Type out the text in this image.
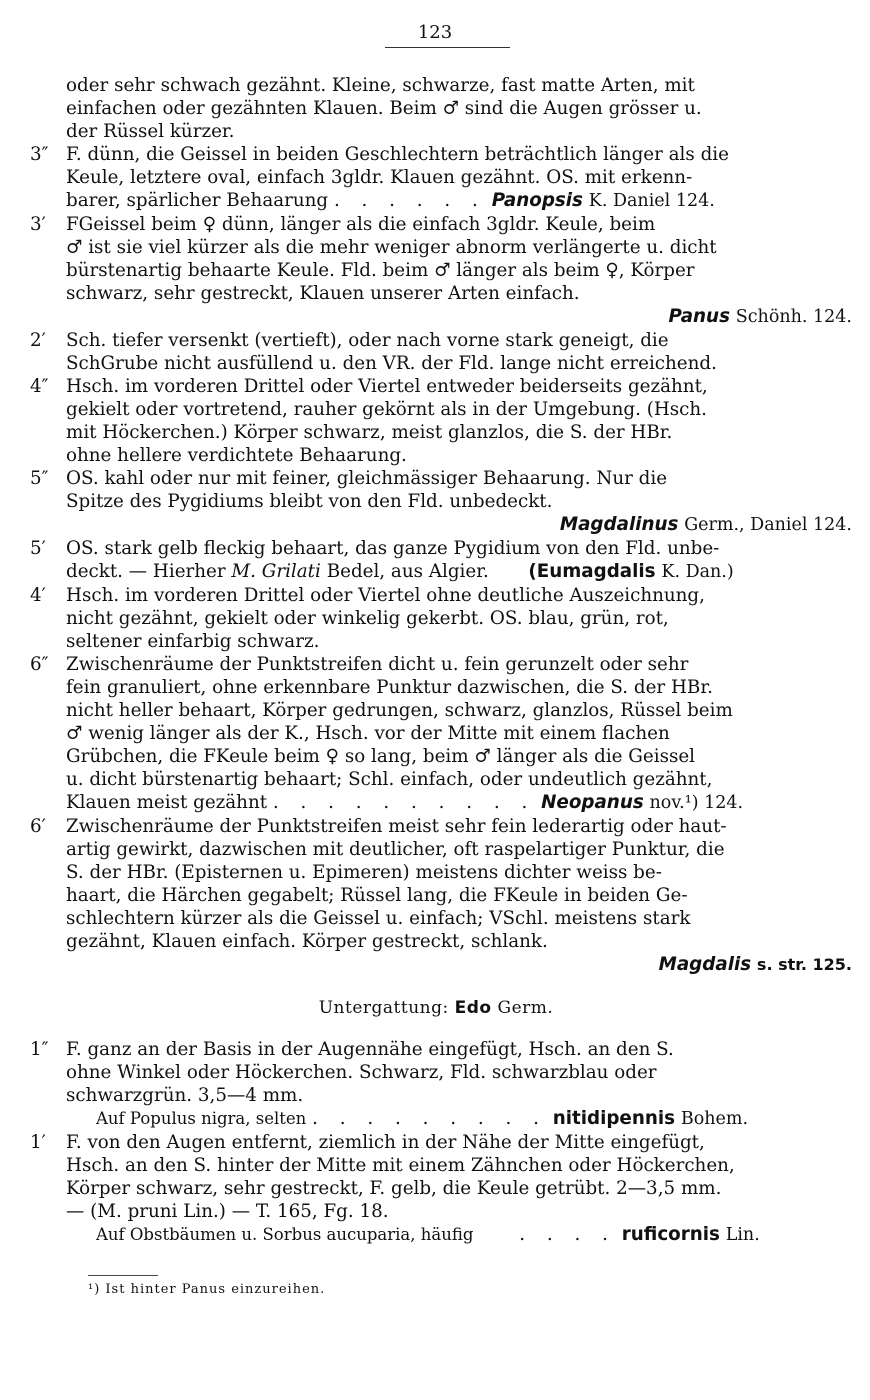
123
oder sehr schwach gezähnt. Kleine, schwarze, fast matte Arten, mit
einfachen oder gezähnten Klauen. Beim ♂ sind die Augen grösser u.
der Rüssel kürzer.
3″ F. dünn, die Geissel in beiden Geschlechtern beträchtlich länger als die
Keule, letztere oval, einfach 3gldr. Klauen gezähnt. OS. mit erkenn-
barer, spärlicher Behaarung . . . . . . Panopsis K. Daniel 124.
3′	FGeissel beim ♀ dünn, länger als die einfach 3gldr. Keule, beim
♂ ist sie viel kürzer als die mehr weniger abnorm verlängerte u. dicht
bürstenartig behaarte Keule. Fld. beim ♂ länger als beim ♀, Körper
schwarz, sehr gestreckt, Klauen unserer Arten einfach.
Panus Schönh. 124.
2′	Sch. tiefer versenkt (vertieft), oder nach vorne stark geneigt, die
SchGrube nicht ausfüllend u. den VR. der Fld. lange nicht erreichend.
4″ Hsch. im vorderen Drittel oder Viertel entweder beiderseits gezähnt,
gekielt oder vortretend, rauher gekörnt als in der Umgebung. (Hsch.
mit Höckerchen.) Körper schwarz, meist glanzlos, die S. der HBr.
ohne hellere verdichtete Behaarung.
5″ OS. kahl oder nur mit feiner, gleichmässiger Behaarung. Nur die
Spitze des Pygidiums bleibt von den Fld. unbedeckt.
Magdalinus Germ., Daniel 124.
5′	OS. stark gelb fleckig behaart, das ganze Pygidium von den Fld. unbe-
deckt. — Hierher M. Grilati Bedel, aus Algier. (Eumagdalis K. Dan.)
4′	Hsch. im vorderen Drittel oder Viertel ohne deutliche Auszeichnung,
nicht gezähnt, gekielt oder winkelig gekerbt. OS. blau, grün, rot,
seltener einfarbig schwarz.
6″ Zwischenräume der Punktstreifen dicht u. fein gerunzelt oder sehr
fein granuliert, ohne erkennbare Punktur dazwischen, die S. der HBr.
nicht heller behaart, Körper gedrungen, schwarz, glanzlos, Rüssel beim
♂ wenig länger als der K., Hsch. vor der Mitte mit einem flachen
Grübchen, die FKeule beim ♀ so lang, beim ♂ länger als die Geissel
u. dicht bürstenartig behaart; Schl. einfach, oder undeutlich gezähnt,
Klauen meist gezähnt . . . . . . . . . . Neopanus nov.¹) 124.
6′	Zwischenräume der Punktstreifen meist sehr fein lederartig oder haut-
artig gewirkt, dazwischen mit deutlicher, oft raspelartiger Punktur, die
S. der HBr. (Episternen u. Epimeren) meistens dichter weiss be-
haart, die Härchen gegabelt; Rüssel lang, die FKeule in beiden Ge-
schlechtern kürzer als die Geissel u. einfach; VSchl. meistens stark
gezähnt, Klauen einfach. Körper gestreckt, schlank.
Magdalis s. str. 125.
Untergattung: Edo Germ.
1″ F. ganz an der Basis in der Augennähe eingefügt, Hsch. an den S.
ohne Winkel oder Höckerchen. Schwarz, Fld. schwarzblau oder
schwarzgrün. 3,5—4 mm.
Auf Populus nigra, selten . . . . . . . . . nitidipennis Bohem.
1′	F. von den Augen entfernt, ziemlich in der Nähe der Mitte eingefügt,
Hsch. an den S. hinter der Mitte mit einem Zähnchen oder Höckerchen,
Körper schwarz, sehr gestreckt, F. gelb, die Keule getrübt. 2—3,5 mm.
— (M. pruni Lin.) — T. 165, Fg. 18.
Auf Obstbäumen u. Sorbus aucuparia, häufig	. . . . ruficornis Lin.
¹) Ist hinter Panus einzureihen.
